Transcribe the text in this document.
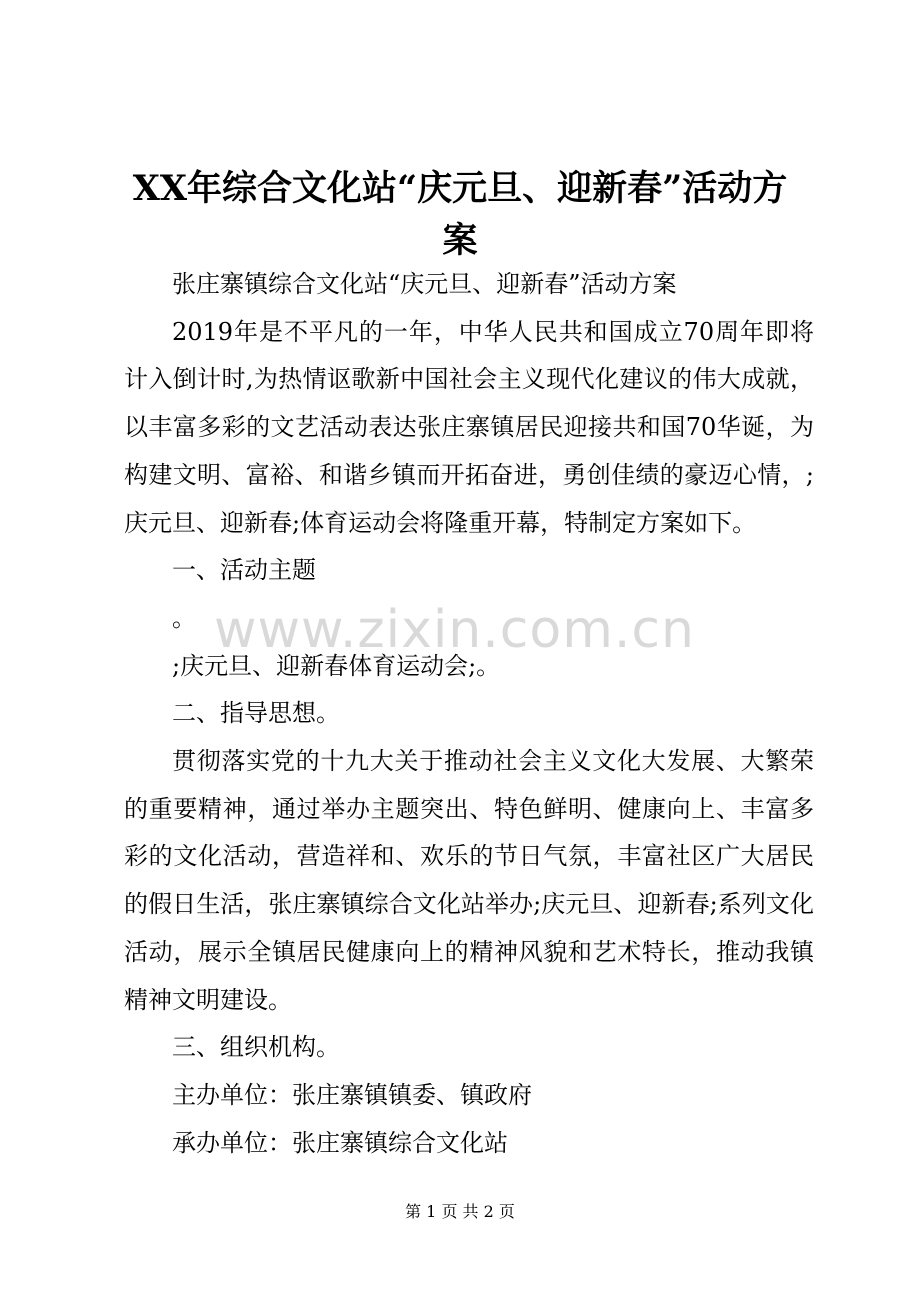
XX年综合文化站“庆元旦、迎新春”活动方案

张庄寨镇综合文化站“庆元旦、迎新春”活动方案

2019年是不平凡的一年，中华人民共和国成立70周年即将计入倒计时,为热情讴歌新中国社会主义现代化建议的伟大成就，以丰富多彩的文艺活动表达张庄寨镇居民迎接共和国70华诞，为构建文明、富裕、和谐乡镇而开拓奋进，勇创佳绩的豪迈心情，;庆元旦、迎新春;体育运动会将隆重开幕，特制定方案如下。

一、活动主题

。

;庆元旦、迎新春体育运动会;。

二、指导思想。

贯彻落实党的十九大关于推动社会主义文化大发展、大繁荣的重要精神，通过举办主题突出、特色鲜明、健康向上、丰富多彩的文化活动，营造祥和、欢乐的节日气氛，丰富社区广大居民的假日生活，张庄寨镇综合文化站举办;庆元旦、迎新春;系列文化活动，展示全镇居民健康向上的精神风貌和艺术特长，推动我镇精神文明建设。

三、组织机构。

主办单位：张庄寨镇镇委、镇政府

承办单位：张庄寨镇综合文化站

www.zixin.com.cn
第 1 页 共 2 页
